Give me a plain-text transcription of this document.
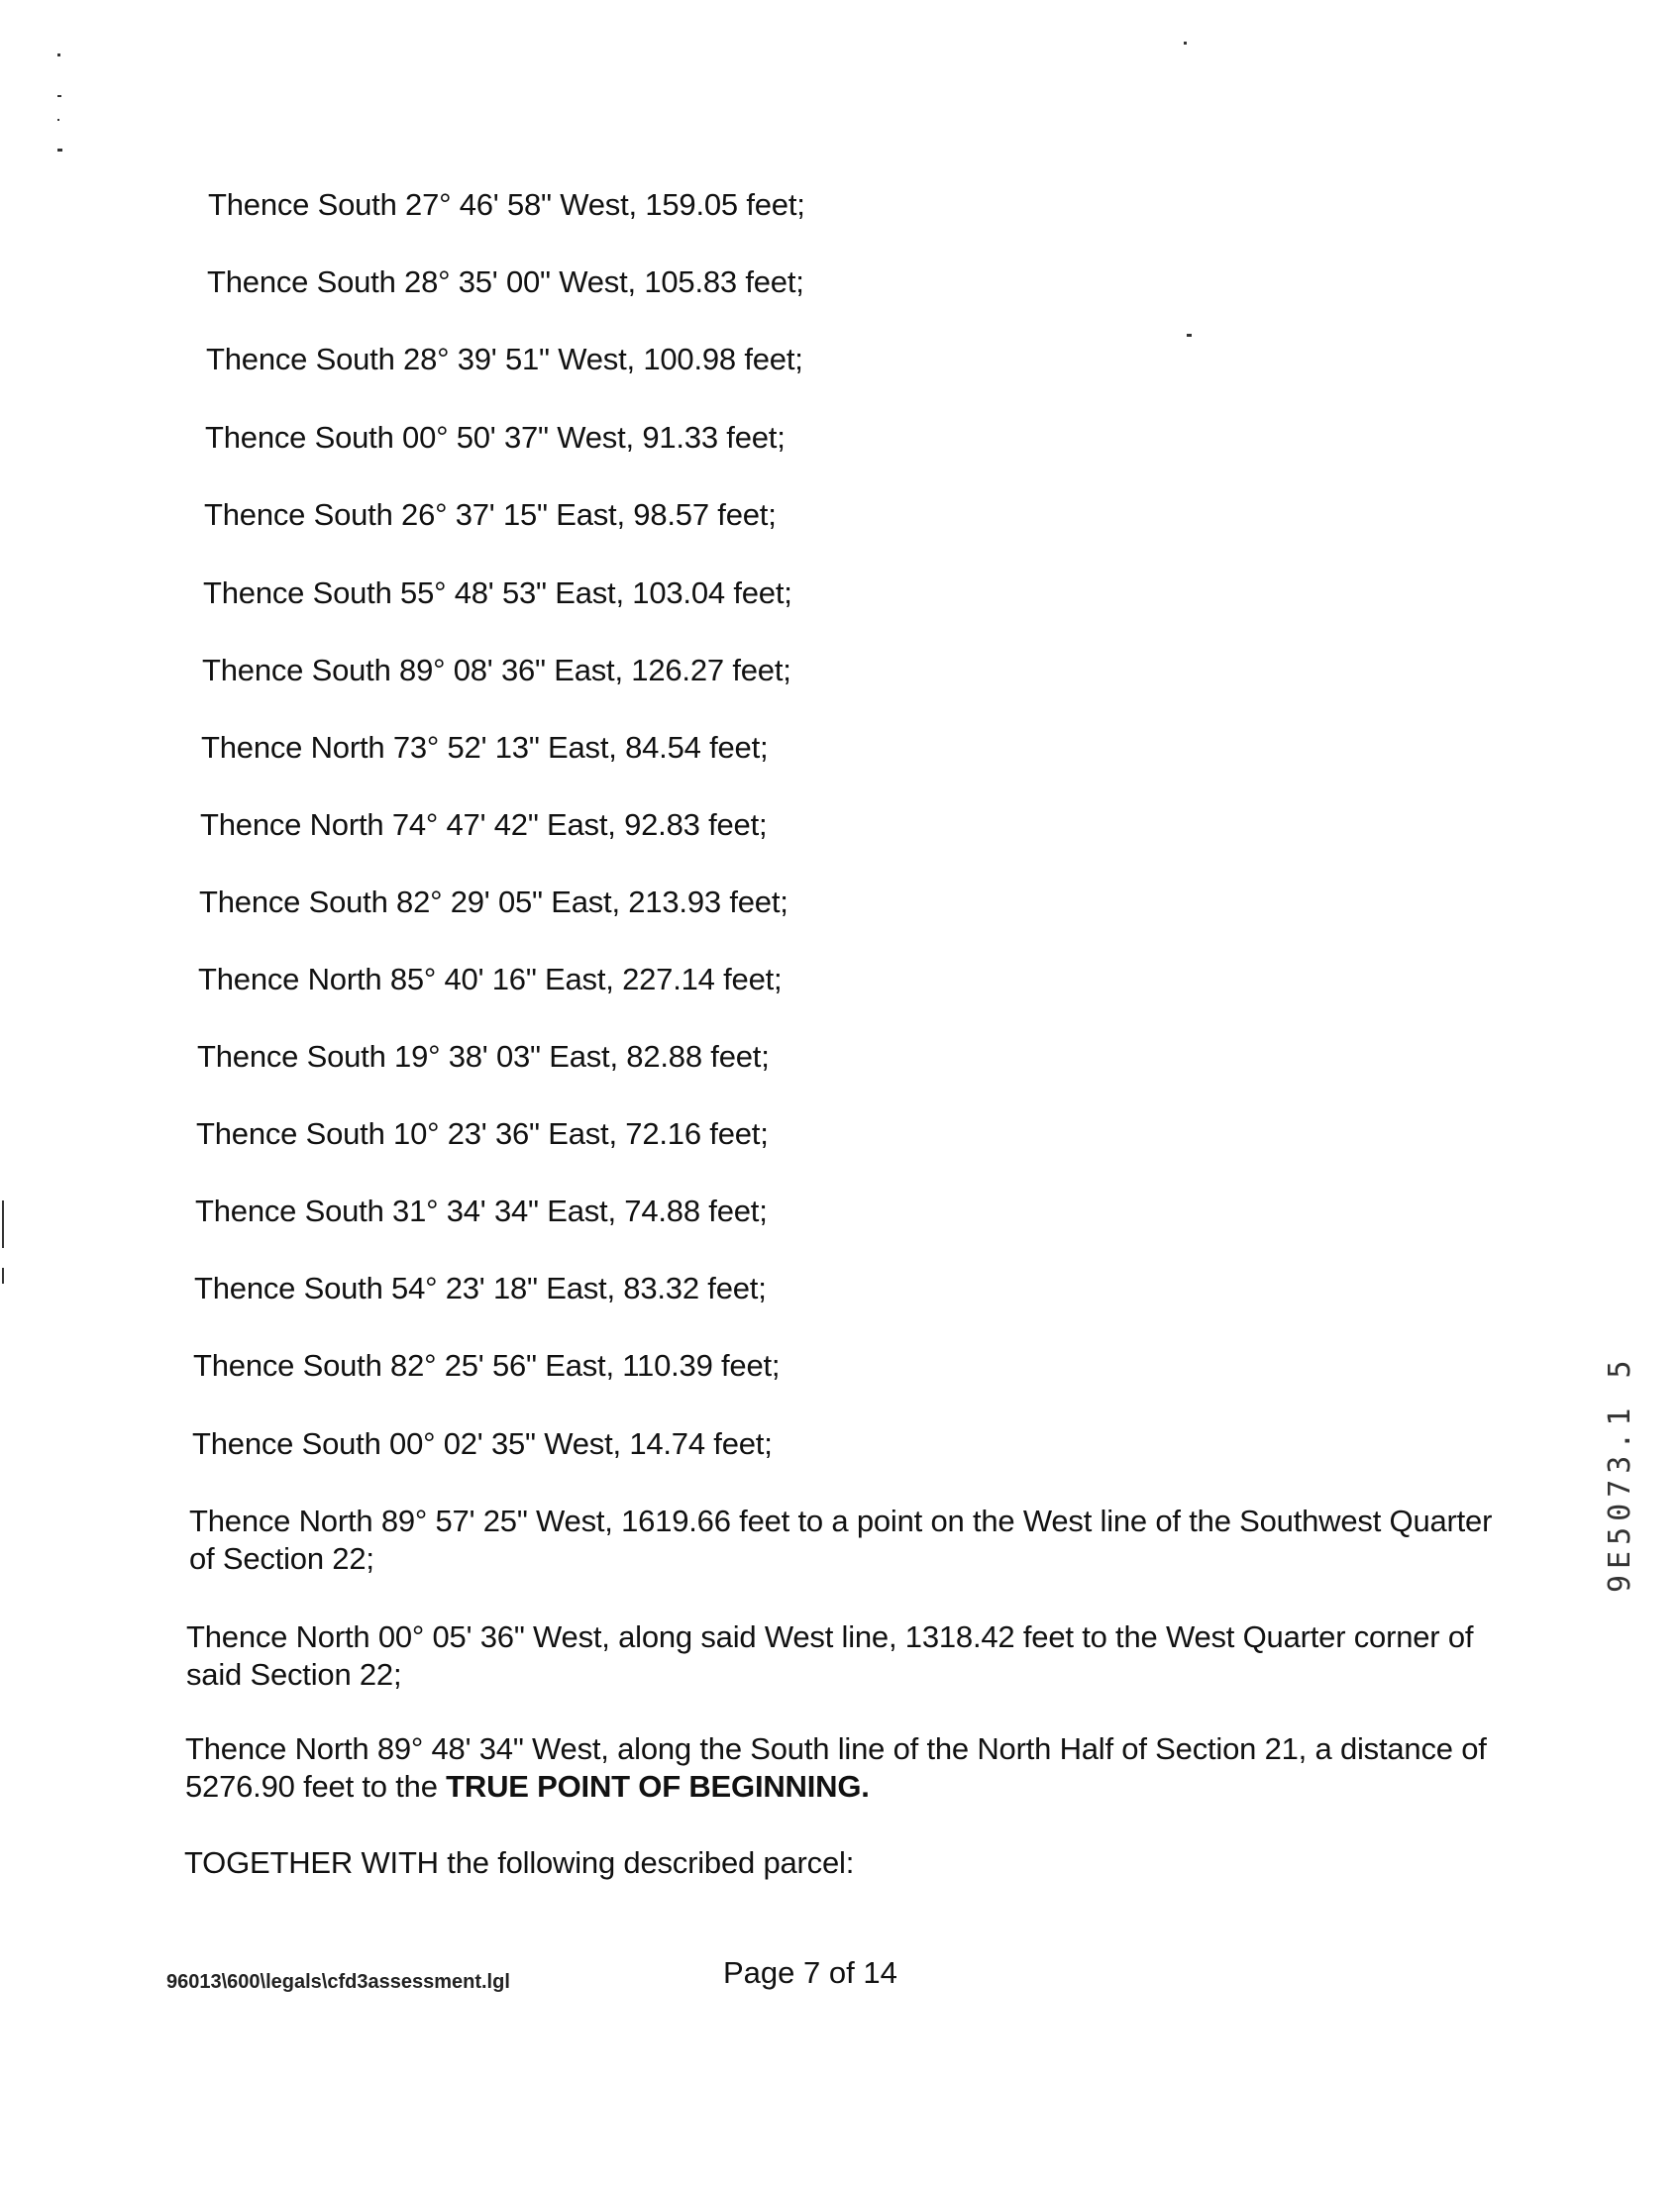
Thence South 27° 46' 58" West, 159.05 feet;
Thence South 28° 35' 00" West, 105.83 feet;
Thence South 28° 39' 51" West, 100.98 feet;
Thence South 00° 50' 37" West, 91.33 feet;
Thence South 26° 37' 15" East, 98.57 feet;
Thence South 55° 48' 53" East, 103.04 feet;
Thence South 89° 08' 36" East, 126.27 feet;
Thence North 73° 52' 13" East, 84.54 feet;
Thence North 74° 47' 42" East, 92.83 feet;
Thence South 82° 29' 05" East, 213.93 feet;
Thence North 85° 40' 16" East, 227.14 feet;
Thence South 19° 38' 03" East, 82.88 feet;
Thence South 10° 23' 36" East, 72.16 feet;
Thence South 31° 34' 34" East, 74.88 feet;
Thence South 54° 23' 18" East, 83.32 feet;
Thence South 82° 25' 56" East, 110.39 feet;
Thence South 00° 02' 35" West, 14.74 feet;
Thence North 89° 57' 25" West, 1619.66 feet to a point on the West line of the Southwest Quarter of Section 22;
Thence North 00° 05' 36" West, along said West line, 1318.42 feet to the West Quarter corner of said Section 22;
Thence North 89° 48' 34" West, along the South line of the North Half of Section 21, a distance of 5276.90 feet to the TRUE POINT OF BEGINNING.
TOGETHER WITH the following described parcel:
96013\600\legals\cfd3assessment.lgl	Page 7 of 14
9E5073.1 5
